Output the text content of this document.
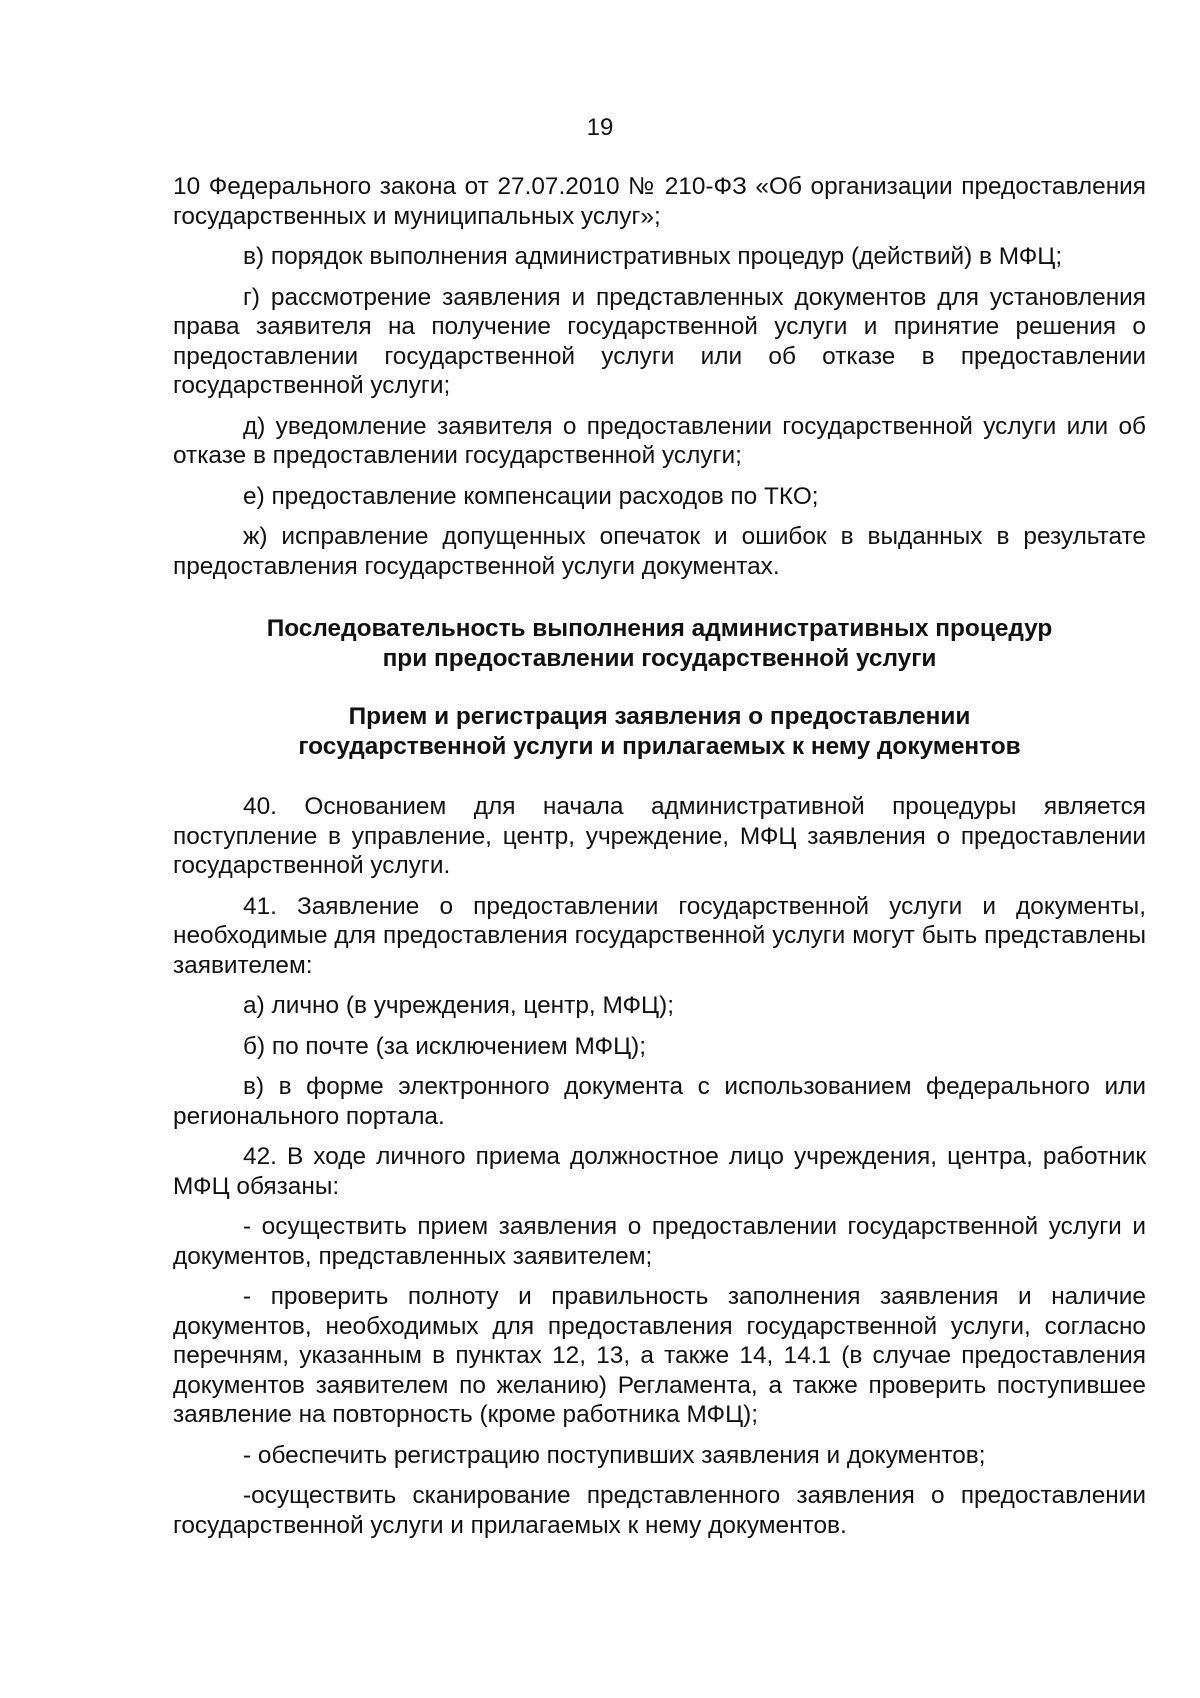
19

10 Федерального закона от 27.07.2010 № 210-ФЗ «Об организации предоставления государственных и муниципальных услуг»;

в) порядок выполнения административных процедур (действий) в МФЦ;

г) рассмотрение заявления и представленных документов для установления права заявителя на получение государственной услуги и принятие решения о предоставлении государственной услуги или об отказе в предоставлении государственной услуги;

д) уведомление заявителя о предоставлении государственной услуги или об отказе в предоставлении государственной услуги;

е) предоставление компенсации расходов по ТКО;

ж) исправление допущенных опечаток и ошибок в выданных в результате предоставления государственной услуги документах.

Последовательность выполнения административных процедур

при предоставлении государственной услуги

Прием и регистрация заявления о предоставлении

государственной услуги и прилагаемых к нему документов

40. Основанием для начала административной процедуры является поступление в управление, центр, учреждение, МФЦ заявления о предоставлении государственной услуги.

41. Заявление о предоставлении государственной услуги и документы, необходимые для предоставления государственной услуги могут быть представлены заявителем:

а) лично (в учреждения, центр, МФЦ);

б) по почте (за исключением МФЦ);

в) в форме электронного документа с использованием федерального или регионального портала.

42. В ходе личного приема должностное лицо учреждения, центра, работник МФЦ обязаны:

- осуществить прием заявления о предоставлении государственной услуги и документов, представленных заявителем;

- проверить полноту и правильность заполнения заявления и наличие документов, необходимых для предоставления государственной услуги, согласно перечням, указанным в пунктах 12, 13, а также 14, 14.1 (в случае предоставления документов заявителем по желанию) Регламента, а также проверить поступившее заявление на повторность (кроме работника МФЦ);

- обеспечить регистрацию поступивших заявления и документов;

-осуществить сканирование представленного заявления о предоставлении государственной услуги и прилагаемых к нему документов.
